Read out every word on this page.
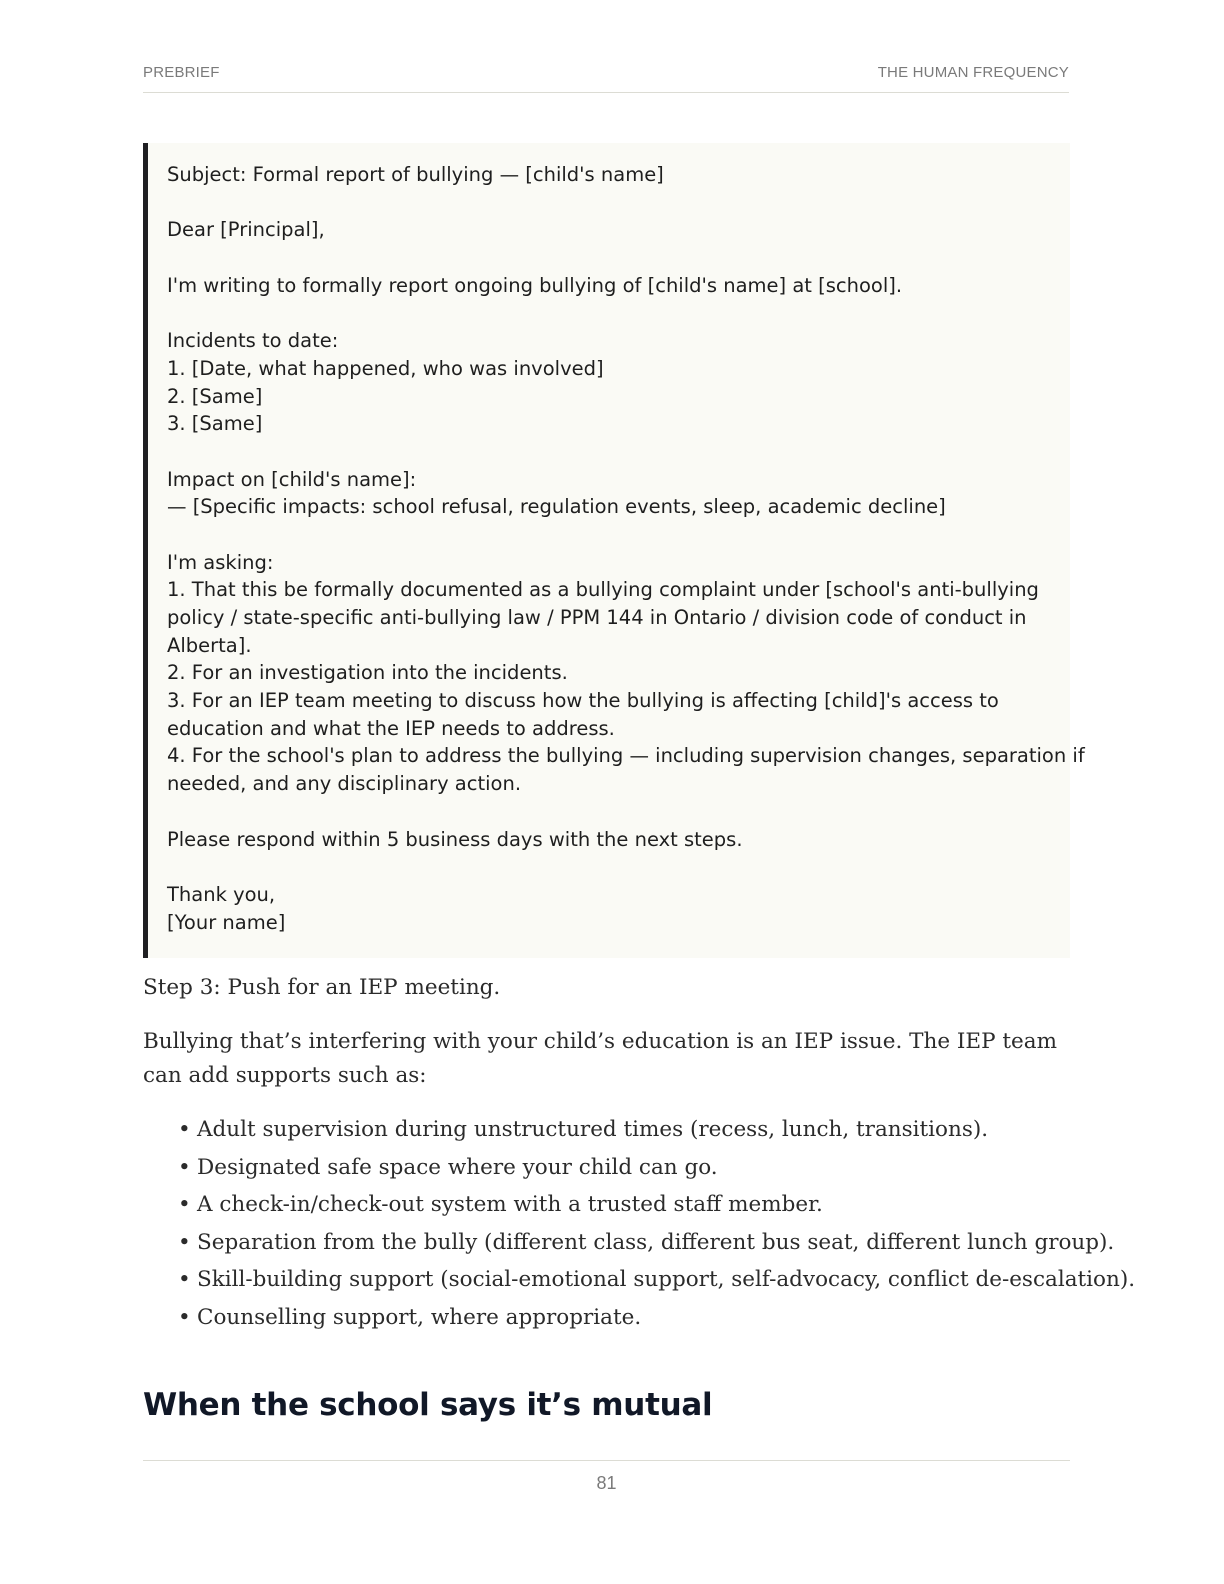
PREBRIEF	THE HUMAN FREQUENCY
Subject: Formal report of bullying — [child's name]
Dear [Principal],
I'm writing to formally report ongoing bullying of [child's name] at [school].
Incidents to date:
1. [Date, what happened, who was involved]
2. [Same]
3. [Same]
Impact on [child's name]:
— [Specific impacts: school refusal, regulation events, sleep, academic decline]
I'm asking:
1. That this be formally documented as a bullying complaint under [school's anti-bullying
policy / state-specific anti-bullying law / PPM 144 in Ontario / division code of conduct in
Alberta].
2. For an investigation into the incidents.
3. For an IEP team meeting to discuss how the bullying is affecting [child]'s access to
education and what the IEP needs to address.
4. For the school's plan to address the bullying — including supervision changes, separation if
needed, and any disciplinary action.
Please respond within 5 business days with the next steps.
Thank you,
[Your name]
Step 3: Push for an IEP meeting.
Bullying that’s interfering with your child’s education is an IEP issue. The IEP team can add supports such as:
• Adult supervision during unstructured times (recess, lunch, transitions).
• Designated safe space where your child can go.
• A check-in/check-out system with a trusted staff member.
• Separation from the bully (different class, different bus seat, different lunch group).
• Skill-building support (social-emotional support, self-advocacy, conflict de-escalation).
• Counselling support, where appropriate.
When the school says it’s mutual
81
